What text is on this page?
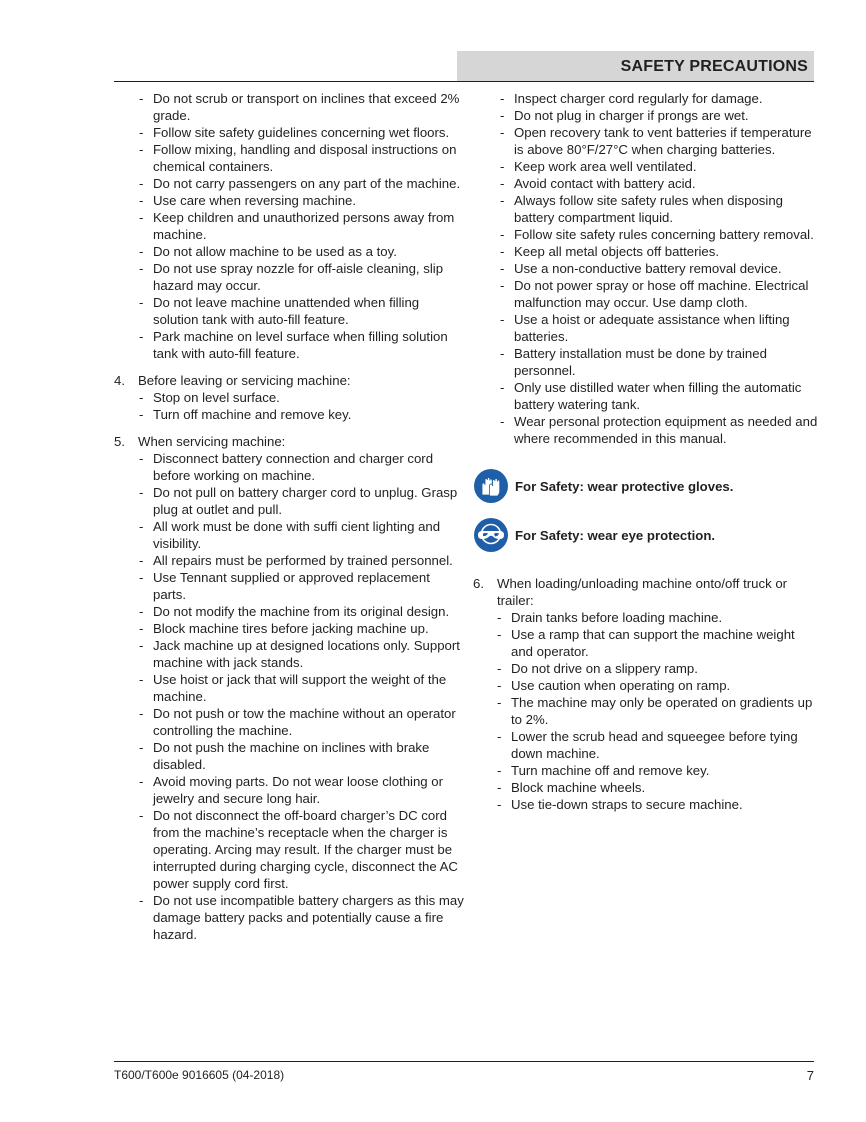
SAFETY PRECAUTIONS
- Do not scrub or transport on inclines that exceed 2% grade.
- Follow site safety guidelines concerning wet floors.
- Follow mixing, handling and disposal instructions on chemical containers.
- Do not carry passengers on any part of the machine.
- Use care when reversing machine.
- Keep children and unauthorized persons away from machine.
- Do not allow machine to be used as a toy.
- Do not use spray nozzle for off-aisle cleaning, slip hazard may occur.
- Do not leave machine unattended when filling solution tank with auto-fill feature.
- Park machine on level surface when filling solution tank with auto-fill feature.
4. Before leaving or servicing machine:
- Stop on level surface.
- Turn off machine and remove key.
5. When servicing machine:
- Disconnect battery connection and charger cord before working on machine.
- Do not pull on battery charger cord to unplug. Grasp plug at outlet and pull.
- All work must be done with suffi cient lighting and visibility.
- All repairs must be performed by trained personnel.
- Use Tennant supplied or approved replacement parts.
- Do not modify the machine from its original design.
- Block machine tires before jacking machine up.
- Jack machine up at designed locations only. Support machine with jack stands.
- Use hoist or jack that will support the weight of the machine.
- Do not push or tow the machine without an operator controlling the machine.
- Do not push the machine on inclines with brake disabled.
- Avoid moving parts. Do not wear loose clothing or jewelry and secure long hair.
- Do not disconnect the off-board charger’s DC cord from the machine’s receptacle when the charger is operating. Arcing may result. If the charger must be interrupted during charging cycle, disconnect the AC power supply cord first.
- Do not use incompatible battery chargers as this may damage battery packs and potentially cause a fire hazard.
- Inspect charger cord regularly for damage.
- Do not plug in charger if prongs are wet.
- Open recovery tank to vent batteries if temperature is above 80°F/27°C when charging batteries.
- Keep work area well ventilated.
- Avoid contact with battery acid.
- Always follow site safety rules when disposing battery compartment liquid.
- Follow site safety rules concerning battery removal.
- Keep all metal objects off batteries.
- Use a non-conductive battery removal device.
- Do not power spray or hose off machine. Electrical malfunction may occur. Use damp cloth.
- Use a hoist or adequate assistance when lifting batteries.
- Battery installation must be done by trained personnel.
- Only use distilled water when filling the automatic battery watering tank.
- Wear personal protection equipment as needed and where recommended in this manual.
For Safety: wear protective gloves.
For Safety: wear eye protection.
6. When loading/unloading machine onto/off truck or trailer:
- Drain tanks before loading machine.
- Use a ramp that can support the machine weight and operator.
- Do not drive on a slippery ramp.
- Use caution when operating on ramp.
- The machine may only be operated on gradients up to 2%.
- Lower the scrub head and squeegee before tying down machine.
- Turn machine off and remove key.
- Block machine wheels.
- Use tie-down straps to secure machine.
T600/T600e 9016605 (04-2018)	7
